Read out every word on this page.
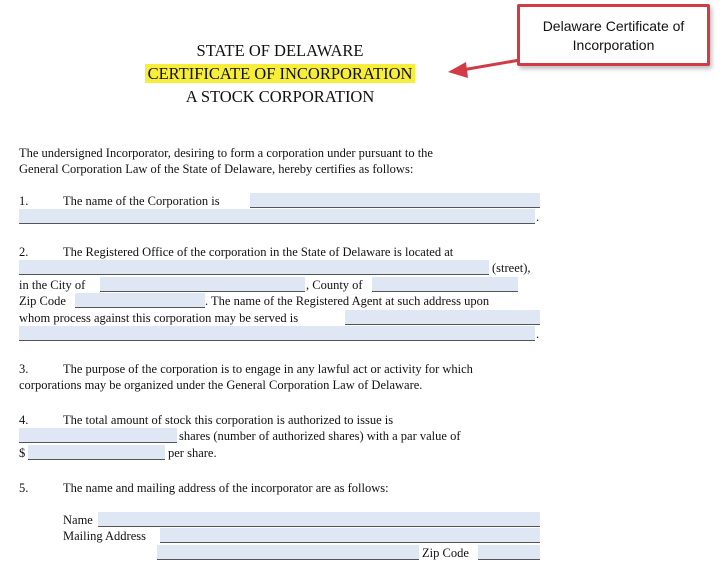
STATE OF DELAWARE
CERTIFICATE OF INCORPORATION
A STOCK CORPORATION
Delaware Certificate of
Incorporation
The undersigned Incorporator, desiring to form a corporation under pursuant to the
General Corporation Law of the State of Delaware, hereby certifies as follows:
1.	The name of the Corporation is
.
2.	The Registered Office of the corporation in the State of Delaware is located at
(street),
in the City of	, County of
Zip Code	. The name of the Registered Agent at such address upon
whom process against this corporation may be served is
.
3.	The purpose of the corporation is to engage in any lawful act or activity for which
corporations may be organized under the General Corporation Law of Delaware.
4.	The total amount of stock this corporation is authorized to issue is
shares (number of authorized shares) with a par value of
$	per share.
5.	The name and mailing address of the incorporator are as follows:
Name
Mailing Address
Zip Code
